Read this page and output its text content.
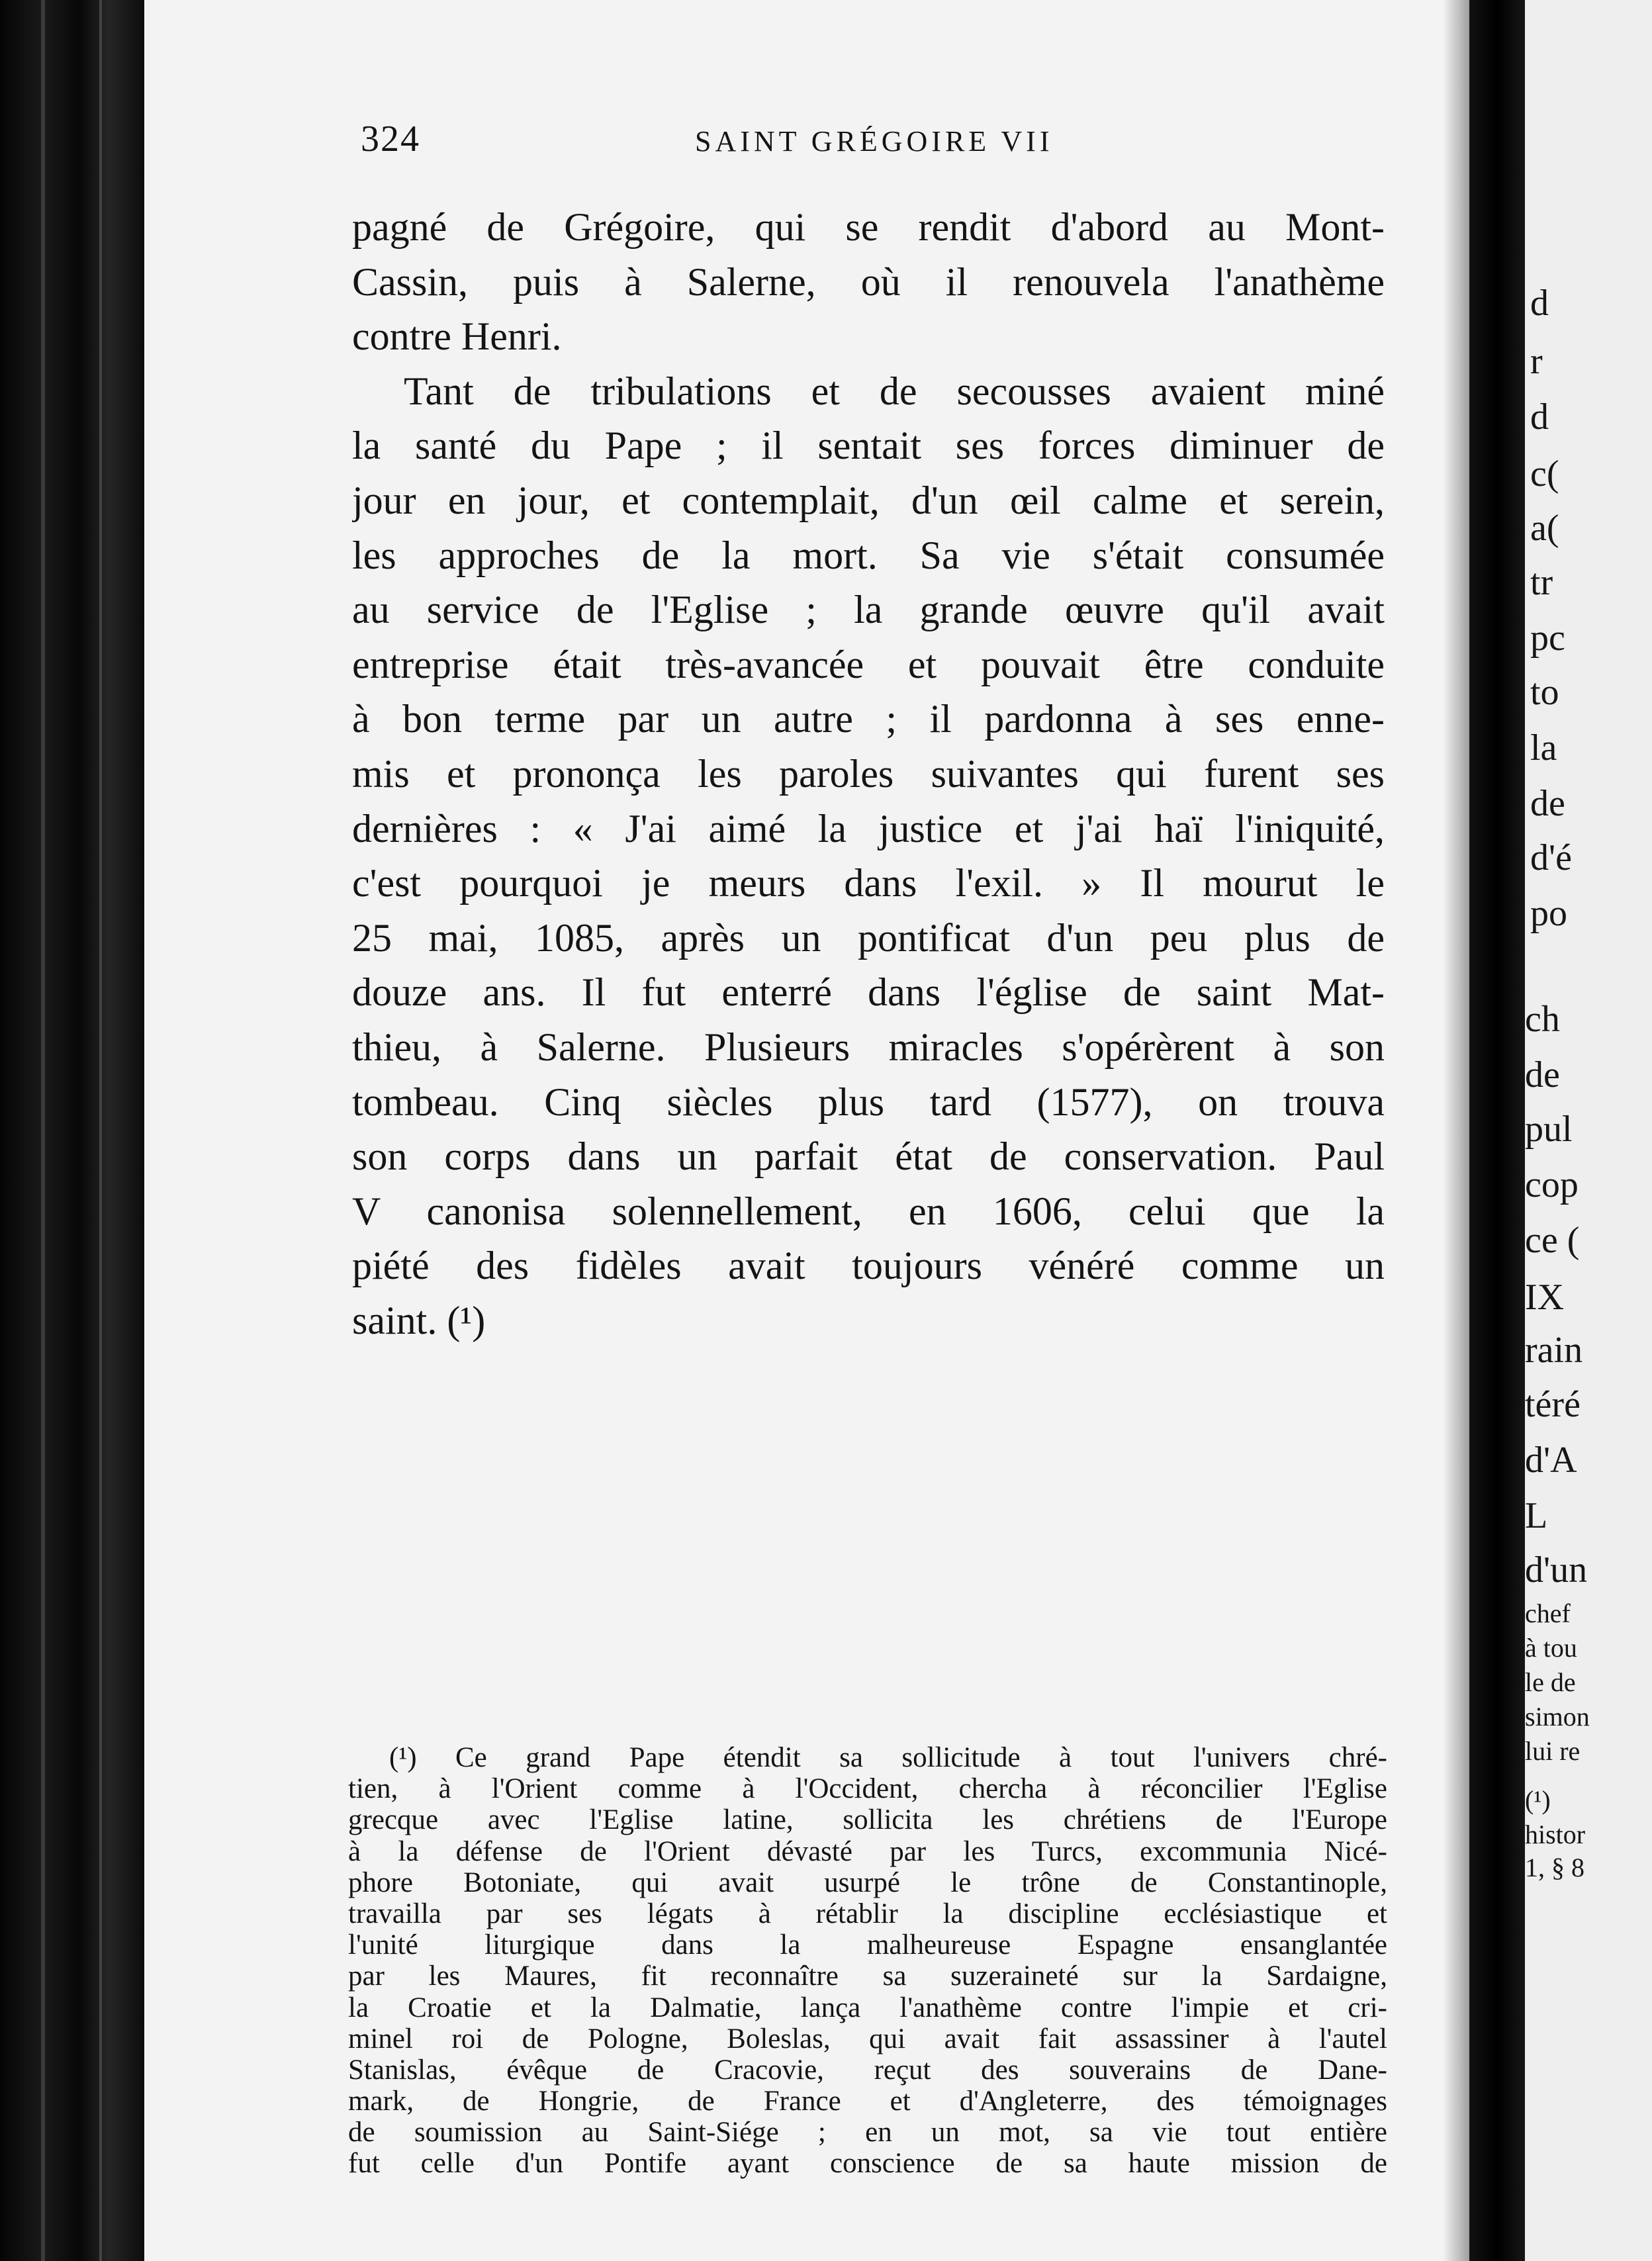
d
r
d
c(
a(
tr
pc
to
la
de
d'é
po
ch
de
pul
cop
ce (
IX
rain
téré
d'A
L
d'un
chef
à tou
le de
simon
lui re
(¹)
histor
1, § 8
324	SAINT GRÉGOIRE VII
pagné de Grégoire, qui se rendit d'abord au Mont-
Cassin, puis à Salerne, où il renouvela l'anathème
contre Henri.
Tant de tribulations et de secousses avaient miné
la santé du Pape ; il sentait ses forces diminuer de
jour en jour, et contemplait, d'un œil calme et serein,
les approches de la mort. Sa vie s'était consumée
au service de l'Eglise ; la grande œuvre qu'il avait
entreprise était très-avancée et pouvait être conduite
à bon terme par un autre ; il pardonna à ses enne-
mis et prononça les paroles suivantes qui furent ses
dernières : « J'ai aimé la justice et j'ai haï l'iniquité,
c'est pourquoi je meurs dans l'exil. » Il mourut le
25 mai, 1085, après un pontificat d'un peu plus de
douze ans. Il fut enterré dans l'église de saint Mat-
thieu, à Salerne. Plusieurs miracles s'opérèrent à son
tombeau. Cinq siècles plus tard (1577), on trouva
son corps dans un parfait état de conservation. Paul
V canonisa solennellement, en 1606, celui que la
piété des fidèles avait toujours vénéré comme un
saint. (¹)
(¹) Ce grand Pape étendit sa sollicitude à tout l'univers chré-
tien, à l'Orient comme à l'Occident, chercha à réconcilier l'Eglise
grecque avec l'Eglise latine, sollicita les chrétiens de l'Europe
à la défense de l'Orient dévasté par les Turcs, excommunia Nicé-
phore Botoniate, qui avait usurpé le trône de Constantinople,
travailla par ses légats à rétablir la discipline ecclésiastique et
l'unité liturgique dans la malheureuse Espagne ensanglantée
par les Maures, fit reconnaître sa suzeraineté sur la Sardaigne,
la Croatie et la Dalmatie, lança l'anathème contre l'impie et cri-
minel roi de Pologne, Boleslas, qui avait fait assassiner à l'autel
Stanislas, évêque de Cracovie, reçut des souverains de Dane-
mark, de Hongrie, de France et d'Angleterre, des témoignages
de soumission au Saint-Siége ; en un mot, sa vie tout entière
fut celle d'un Pontife ayant conscience de sa haute mission de
